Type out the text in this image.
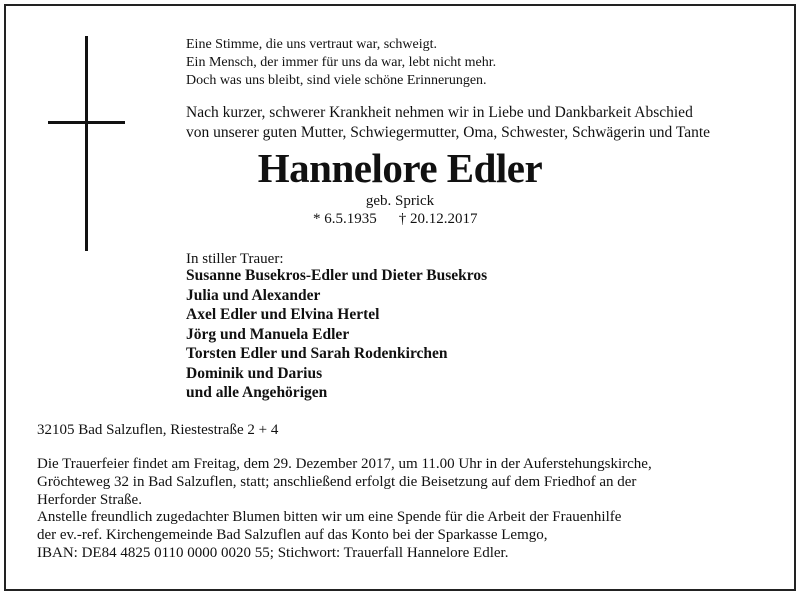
Eine Stimme, die uns vertraut war, schweigt.
Ein Mensch, der immer für uns da war, lebt nicht mehr.
Doch was uns bleibt, sind viele schöne Erinnerungen.
Nach kurzer, schwerer Krankheit nehmen wir in Liebe und Dankbarkeit Abschied
von unserer guten Mutter, Schwiegermutter, Oma, Schwester, Schwägerin und Tante
Hannelore Edler
geb. Sprick
* 6.5.1935 † 20.12.2017
In stiller Trauer:
Susanne Busekros-Edler und Dieter Busekros
Julia und Alexander
Axel Edler und Elvina Hertel
Jörg und Manuela Edler
Torsten Edler und Sarah Rodenkirchen
Dominik und Darius
und alle Angehörigen
32105 Bad Salzuflen, Riestestraße 2 + 4
Die Trauerfeier findet am Freitag, dem 29. Dezember 2017, um 11.00 Uhr in der Auferstehungskirche,
Gröchteweg 32 in Bad Salzuflen, statt; anschließend erfolgt die Beisetzung auf dem Friedhof an der
Herforder Straße.
Anstelle freundlich zugedachter Blumen bitten wir um eine Spende für die Arbeit der Frauenhilfe
der ev.-ref. Kirchengemeinde Bad Salzuflen auf das Konto bei der Sparkasse Lemgo,
IBAN: DE84 4825 0110 0000 0020 55; Stichwort: Trauerfall Hannelore Edler.
